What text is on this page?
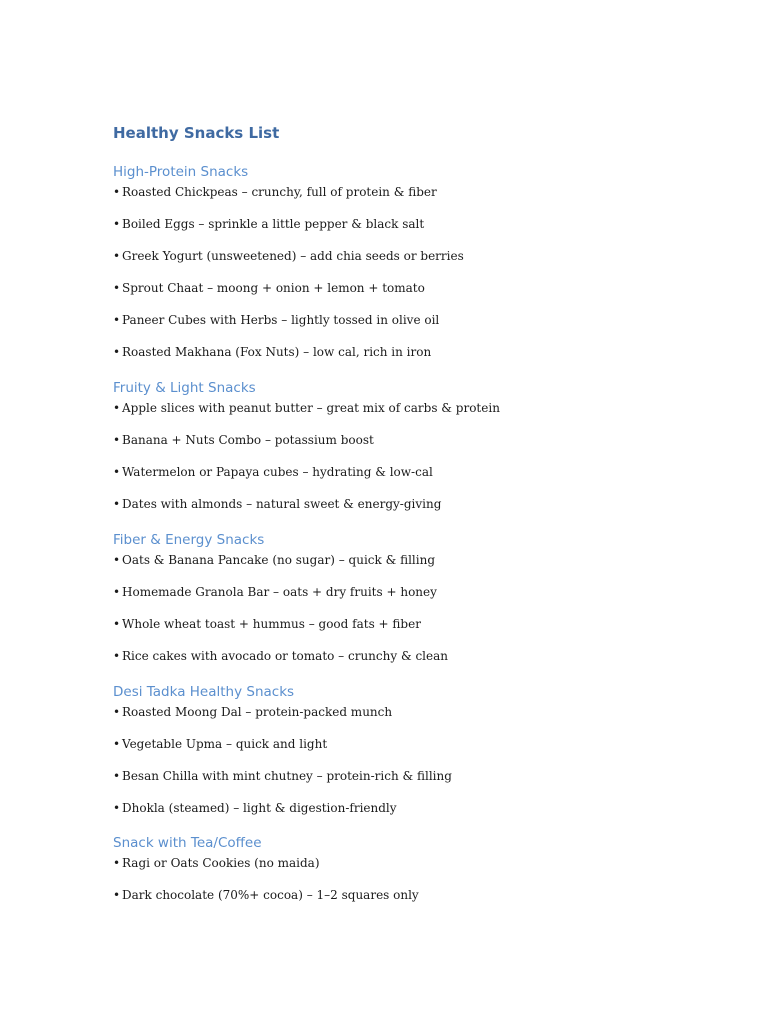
Healthy Snacks List
High-Protein Snacks
• Roasted Chickpeas – crunchy, full of protein & fiber
• Boiled Eggs – sprinkle a little pepper & black salt
• Greek Yogurt (unsweetened) – add chia seeds or berries
• Sprout Chaat – moong + onion + lemon + tomato
• Paneer Cubes with Herbs – lightly tossed in olive oil
• Roasted Makhana (Fox Nuts) – low cal, rich in iron
Fruity & Light Snacks
• Apple slices with peanut butter – great mix of carbs & protein
• Banana + Nuts Combo – potassium boost
• Watermelon or Papaya cubes – hydrating & low-cal
• Dates with almonds – natural sweet & energy-giving
Fiber & Energy Snacks
• Oats & Banana Pancake (no sugar) – quick & filling
• Homemade Granola Bar – oats + dry fruits + honey
• Whole wheat toast + hummus – good fats + fiber
• Rice cakes with avocado or tomato – crunchy & clean
Desi Tadka Healthy Snacks
• Roasted Moong Dal – protein-packed munch
• Vegetable Upma – quick and light
• Besan Chilla with mint chutney – protein-rich & filling
• Dhokla (steamed) – light & digestion-friendly
Snack with Tea/Coffee
• Ragi or Oats Cookies (no maida)
• Dark chocolate (70%+ cocoa) – 1–2 squares only
